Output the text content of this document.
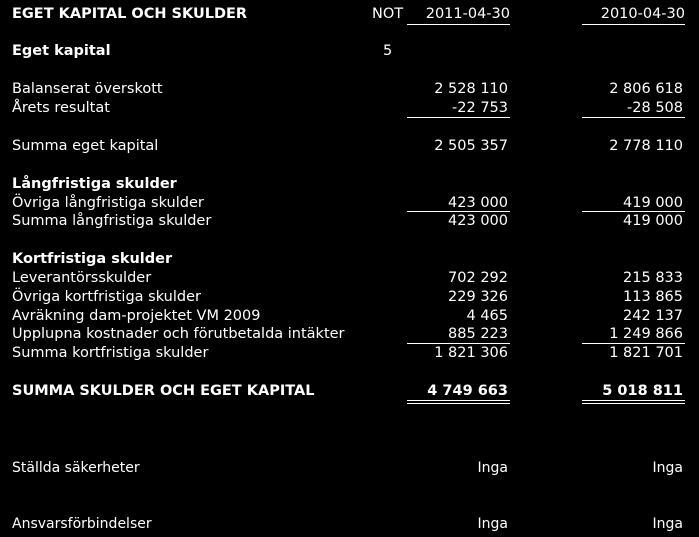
EGET KAPITAL OCH SKULDER	NOT	2011-04-30	2010-04-30
Eget kapital	5
Balanserat överskott	2 528 110	2 806 618
Årets resultat	-22 753	-28 508
Summa eget kapital	2 505 357	2 778 110
Långfristiga skulder
Övriga långfristiga skulder	423 000	419 000
Summa långfristiga skulder	423 000	419 000
Kortfristiga skulder
Leverantörsskulder	702 292	215 833
Övriga kortfristiga skulder	229 326	113 865
Avräkning dam-projektet VM 2009	4 465	242 137
Upplupna kostnader och förutbetalda intäkter	885 223	1 249 866
Summa kortfristiga skulder	1 821 306	1 821 701
SUMMA SKULDER OCH EGET KAPITAL	4 749 663	5 018 811
Ställda säkerheter	Inga	Inga
Ansvarsförbindelser	Inga	Inga
